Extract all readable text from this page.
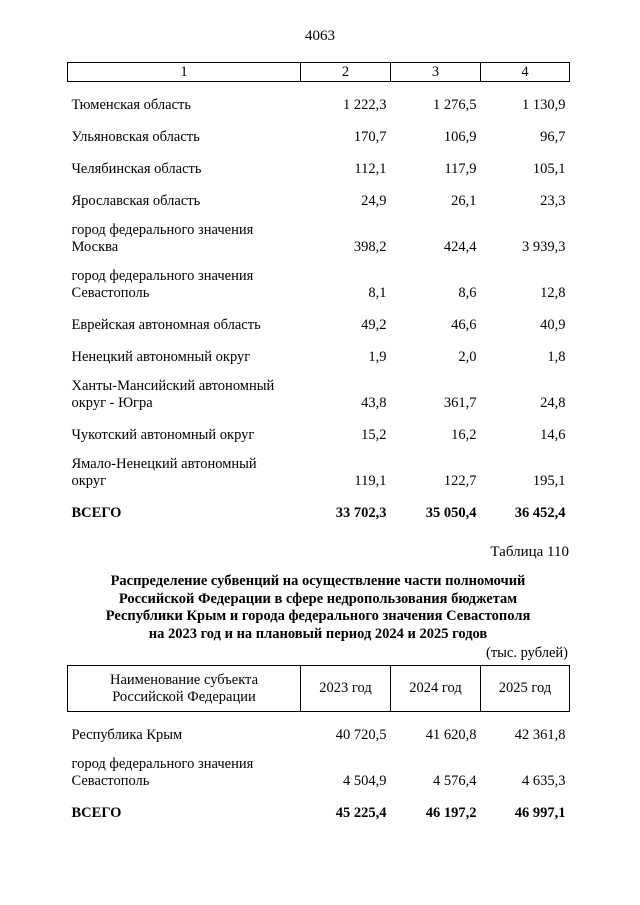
4063
1	2	3	4
Тюменская область	1 222,3	1 276,5	1 130,9
Ульяновская область	170,7	106,9	96,7
Челябинская область	112,1	117,9	105,1
Ярославская область	24,9	26,1	23,3
город федерального значения
Москва	398,2	424,4	3 939,3
город федерального значения
Севастополь	8,1	8,6	12,8
Еврейская автономная область	49,2	46,6	40,9
Ненецкий автономный округ	1,9	2,0	1,8
Ханты-Мансийский автономный
округ - Югра	43,8	361,7	24,8
Чукотский автономный округ	15,2	16,2	14,6
Ямало-Ненецкий автономный
округ	119,1	122,7	195,1
ВСЕГО	33 702,3	35 050,4	36 452,4
Таблица 110
Распределение субвенций на осуществление части полномочий
Российской Федерации в сфере недропользования бюджетам
Республики Крым и города федерального значения Севастополя
на 2023 год и на плановый период 2024 и 2025 годов
(тыс. рублей)
Наименование субъекта
Российской Федерации	2023 год	2024 год	2025 год
Республика Крым	40 720,5	41 620,8	42 361,8
город федерального значения
Севастополь	4 504,9	4 576,4	4 635,3
ВСЕГО	45 225,4	46 197,2	46 997,1
